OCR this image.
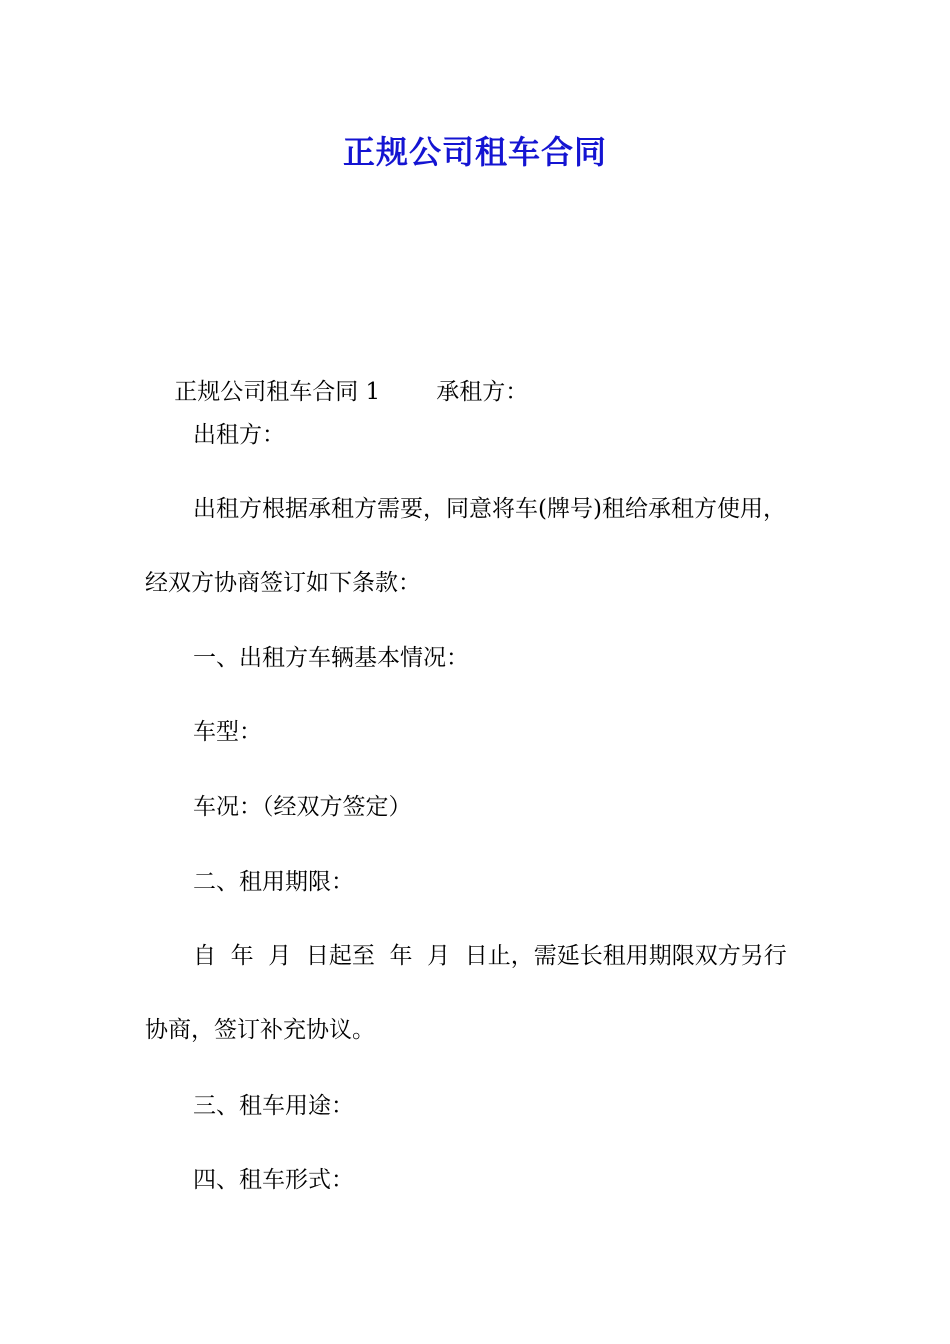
正规公司租车合同

正规公司租车合同 1 承租方：

出租方：
出租方根据承租方需要，同意将车(牌号)租给承租方使用，
经双方协商签订如下条款：
一、出租方车辆基本情况：
车型：
车况：（经双方签定）
二、租用期限：
自  年  月  日起至  年  月  日止，需延长租用期限双方另行
协商，签订补充协议。
三、租车用途：
四、租车形式：
